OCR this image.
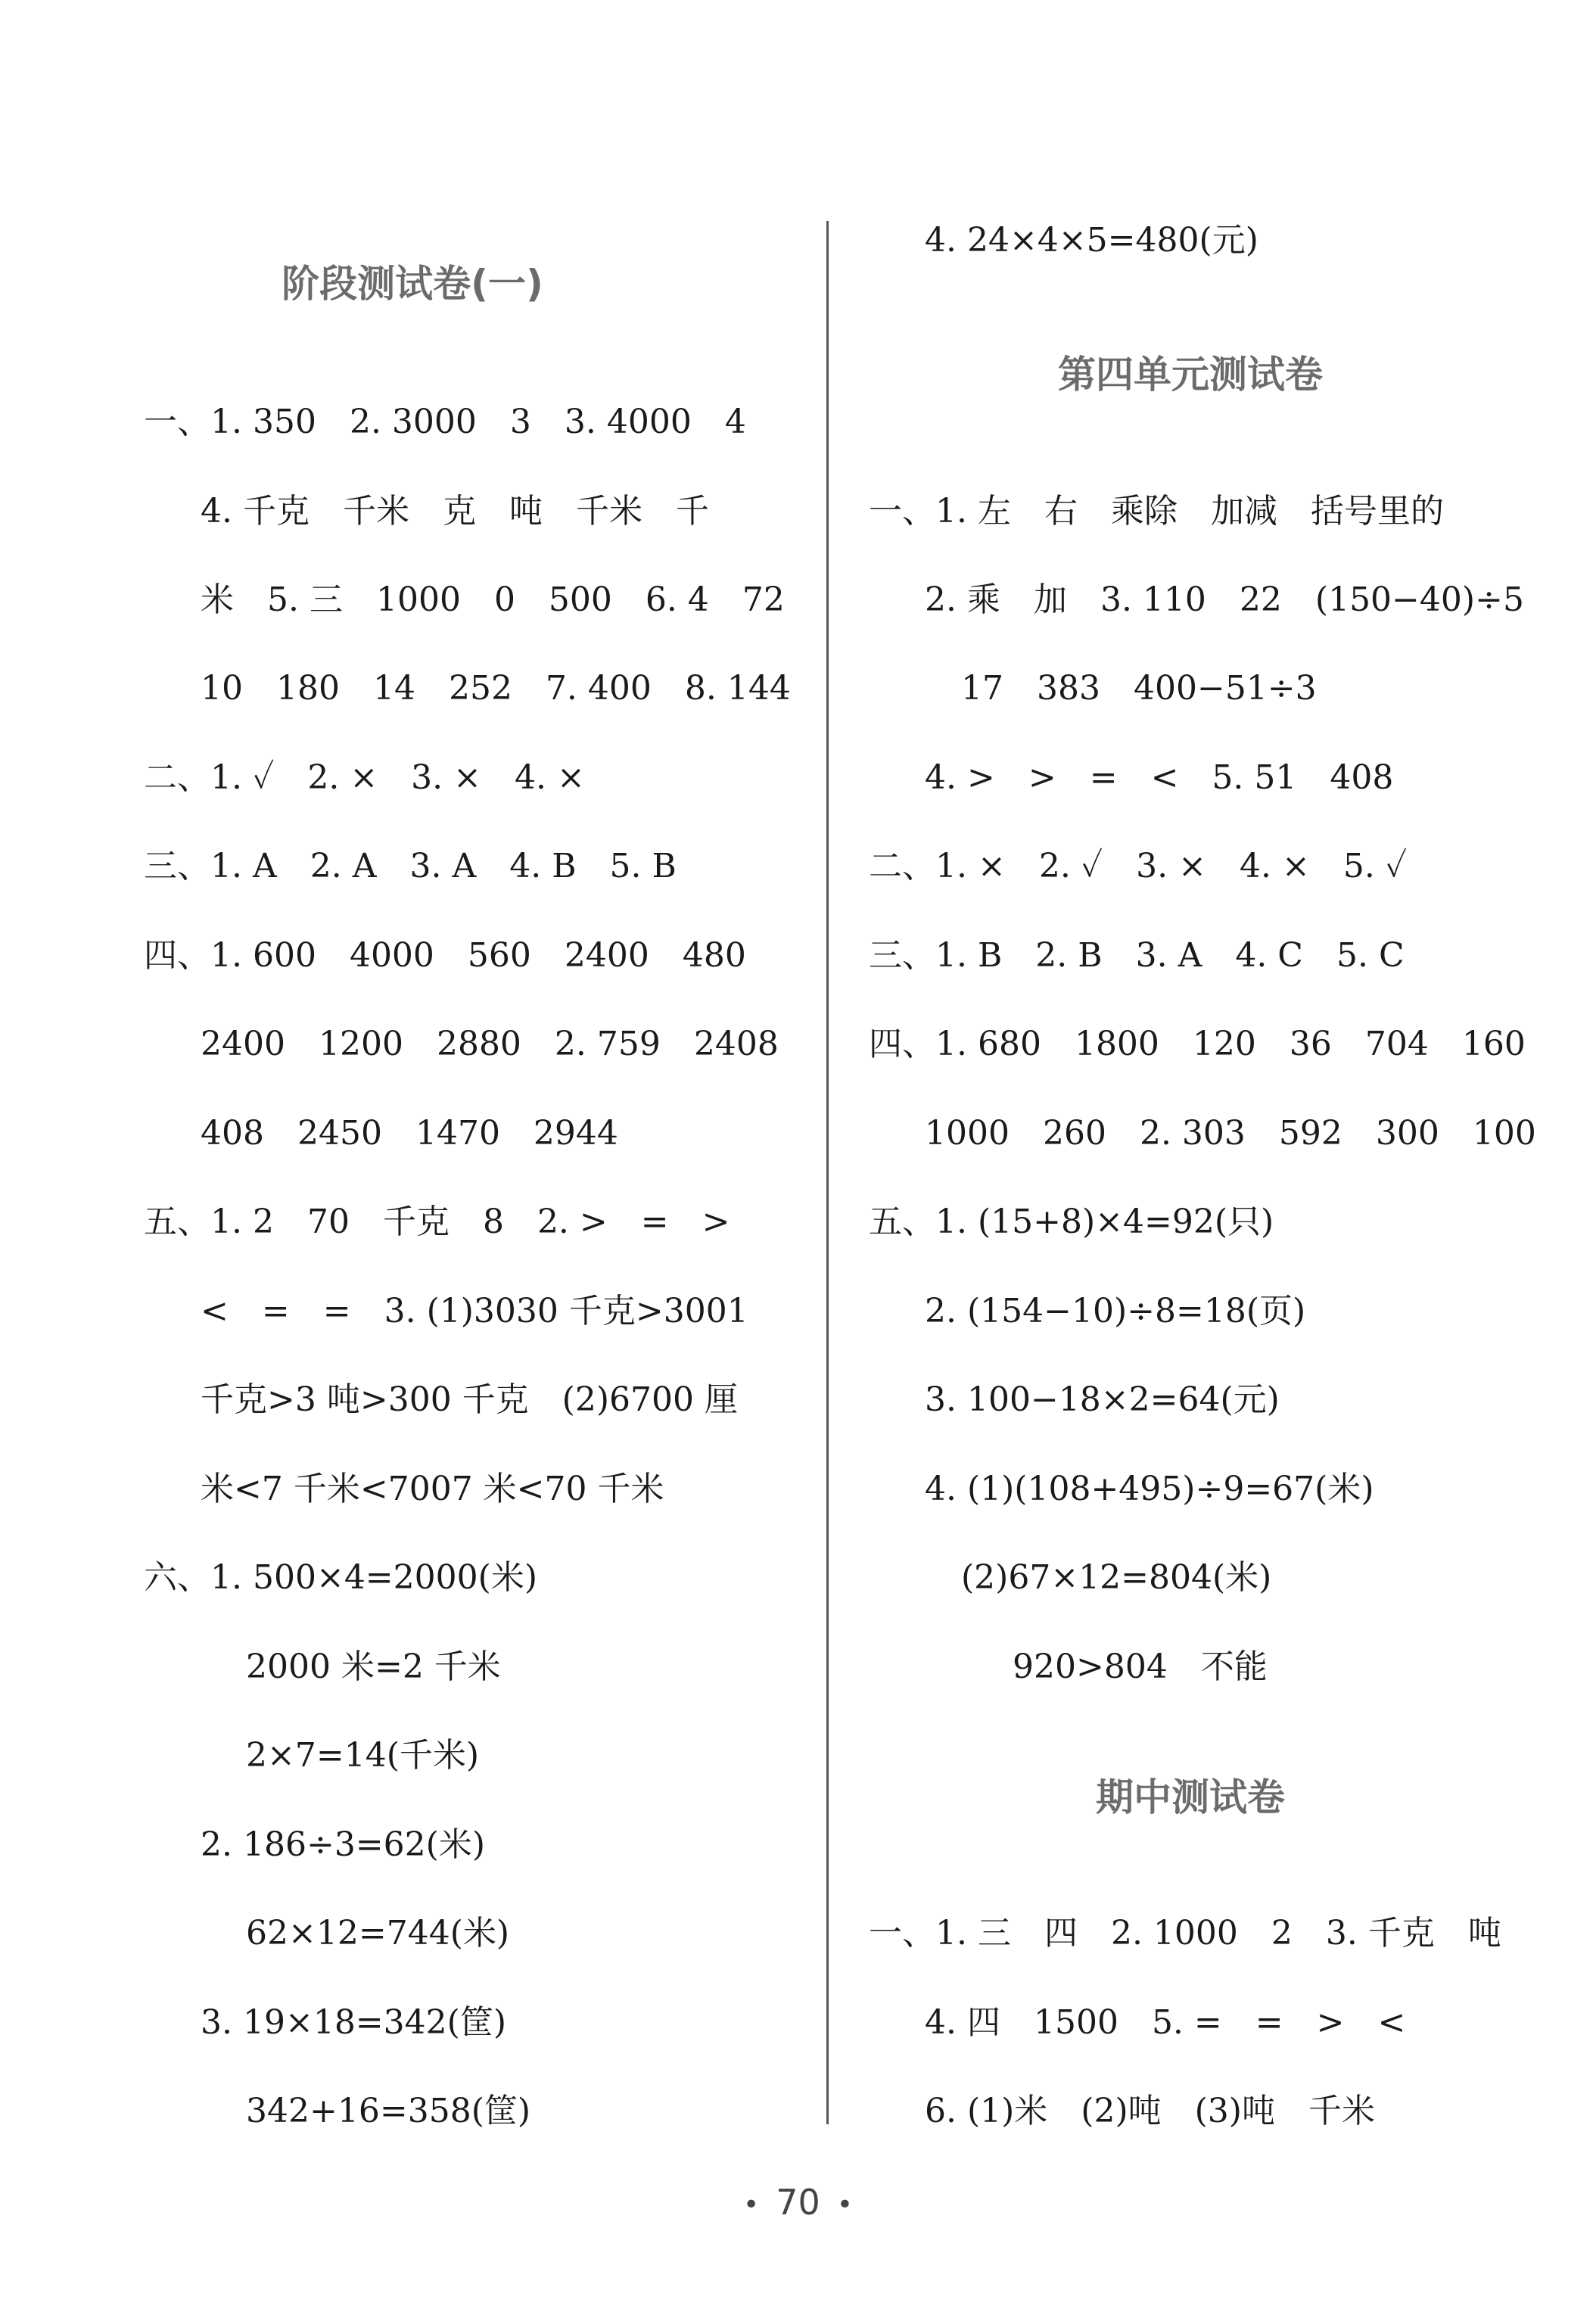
阶段测试卷(一)
一、1. 350　2. 3000　3　3. 4000　4
4. 千克　千米　克　吨　千米　千
米　5. 三　1000　0　500　6. 4　72
10　180　14　252　7. 400　8. 144
二、1. ✓　2. ×　3. ×　4. ×
三、1. A　2. A　3. A　4. B　5. B
四、1. 600　4000　560　2400　480
2400　1200　2880　2. 759　2408
408　2450　1470　2944
五、1. 2　70　千克　8　2. >　=　>
<　=　=　3. (1)3030 千克>3001
千克>3 吨>300 千克　(2)6700 厘
米<7 千米<7007 米<70 千米
六、1. 500×4=2000(米)
2000 米=2 千米
2×7=14(千米)
2. 186÷3=62(米)
62×12=744(米)
3. 19×18=342(筐)
342+16=358(筐)
4. 24×4×5=480(元)
第四单元测试卷
一、1. 左　右　乘除　加减　括号里的
2. 乘　加　3. 110　22　(150−40)÷5
17　383　400−51÷3
4. >　>　=　<　5. 51　408
二、1. ×　2. ✓　3. ×　4. ×　5. ✓
三、1. B　2. B　3. A　4. C　5. C
四、1. 680　1800　120　36　704　160
1000　260　2. 303　592　300　100
五、1. (15+8)×4=92(只)
2. (154−10)÷8=18(页)
3. 100−18×2=64(元)
4. (1)(108+495)÷9=67(米)
(2)67×12=804(米)
920>804　不能
期中测试卷
一、1. 三　四　2. 1000　2　3. 千克　吨
4. 四　1500　5. =　=　>　<
6. (1)米　(2)吨　(3)吨　千米
• 70 •
